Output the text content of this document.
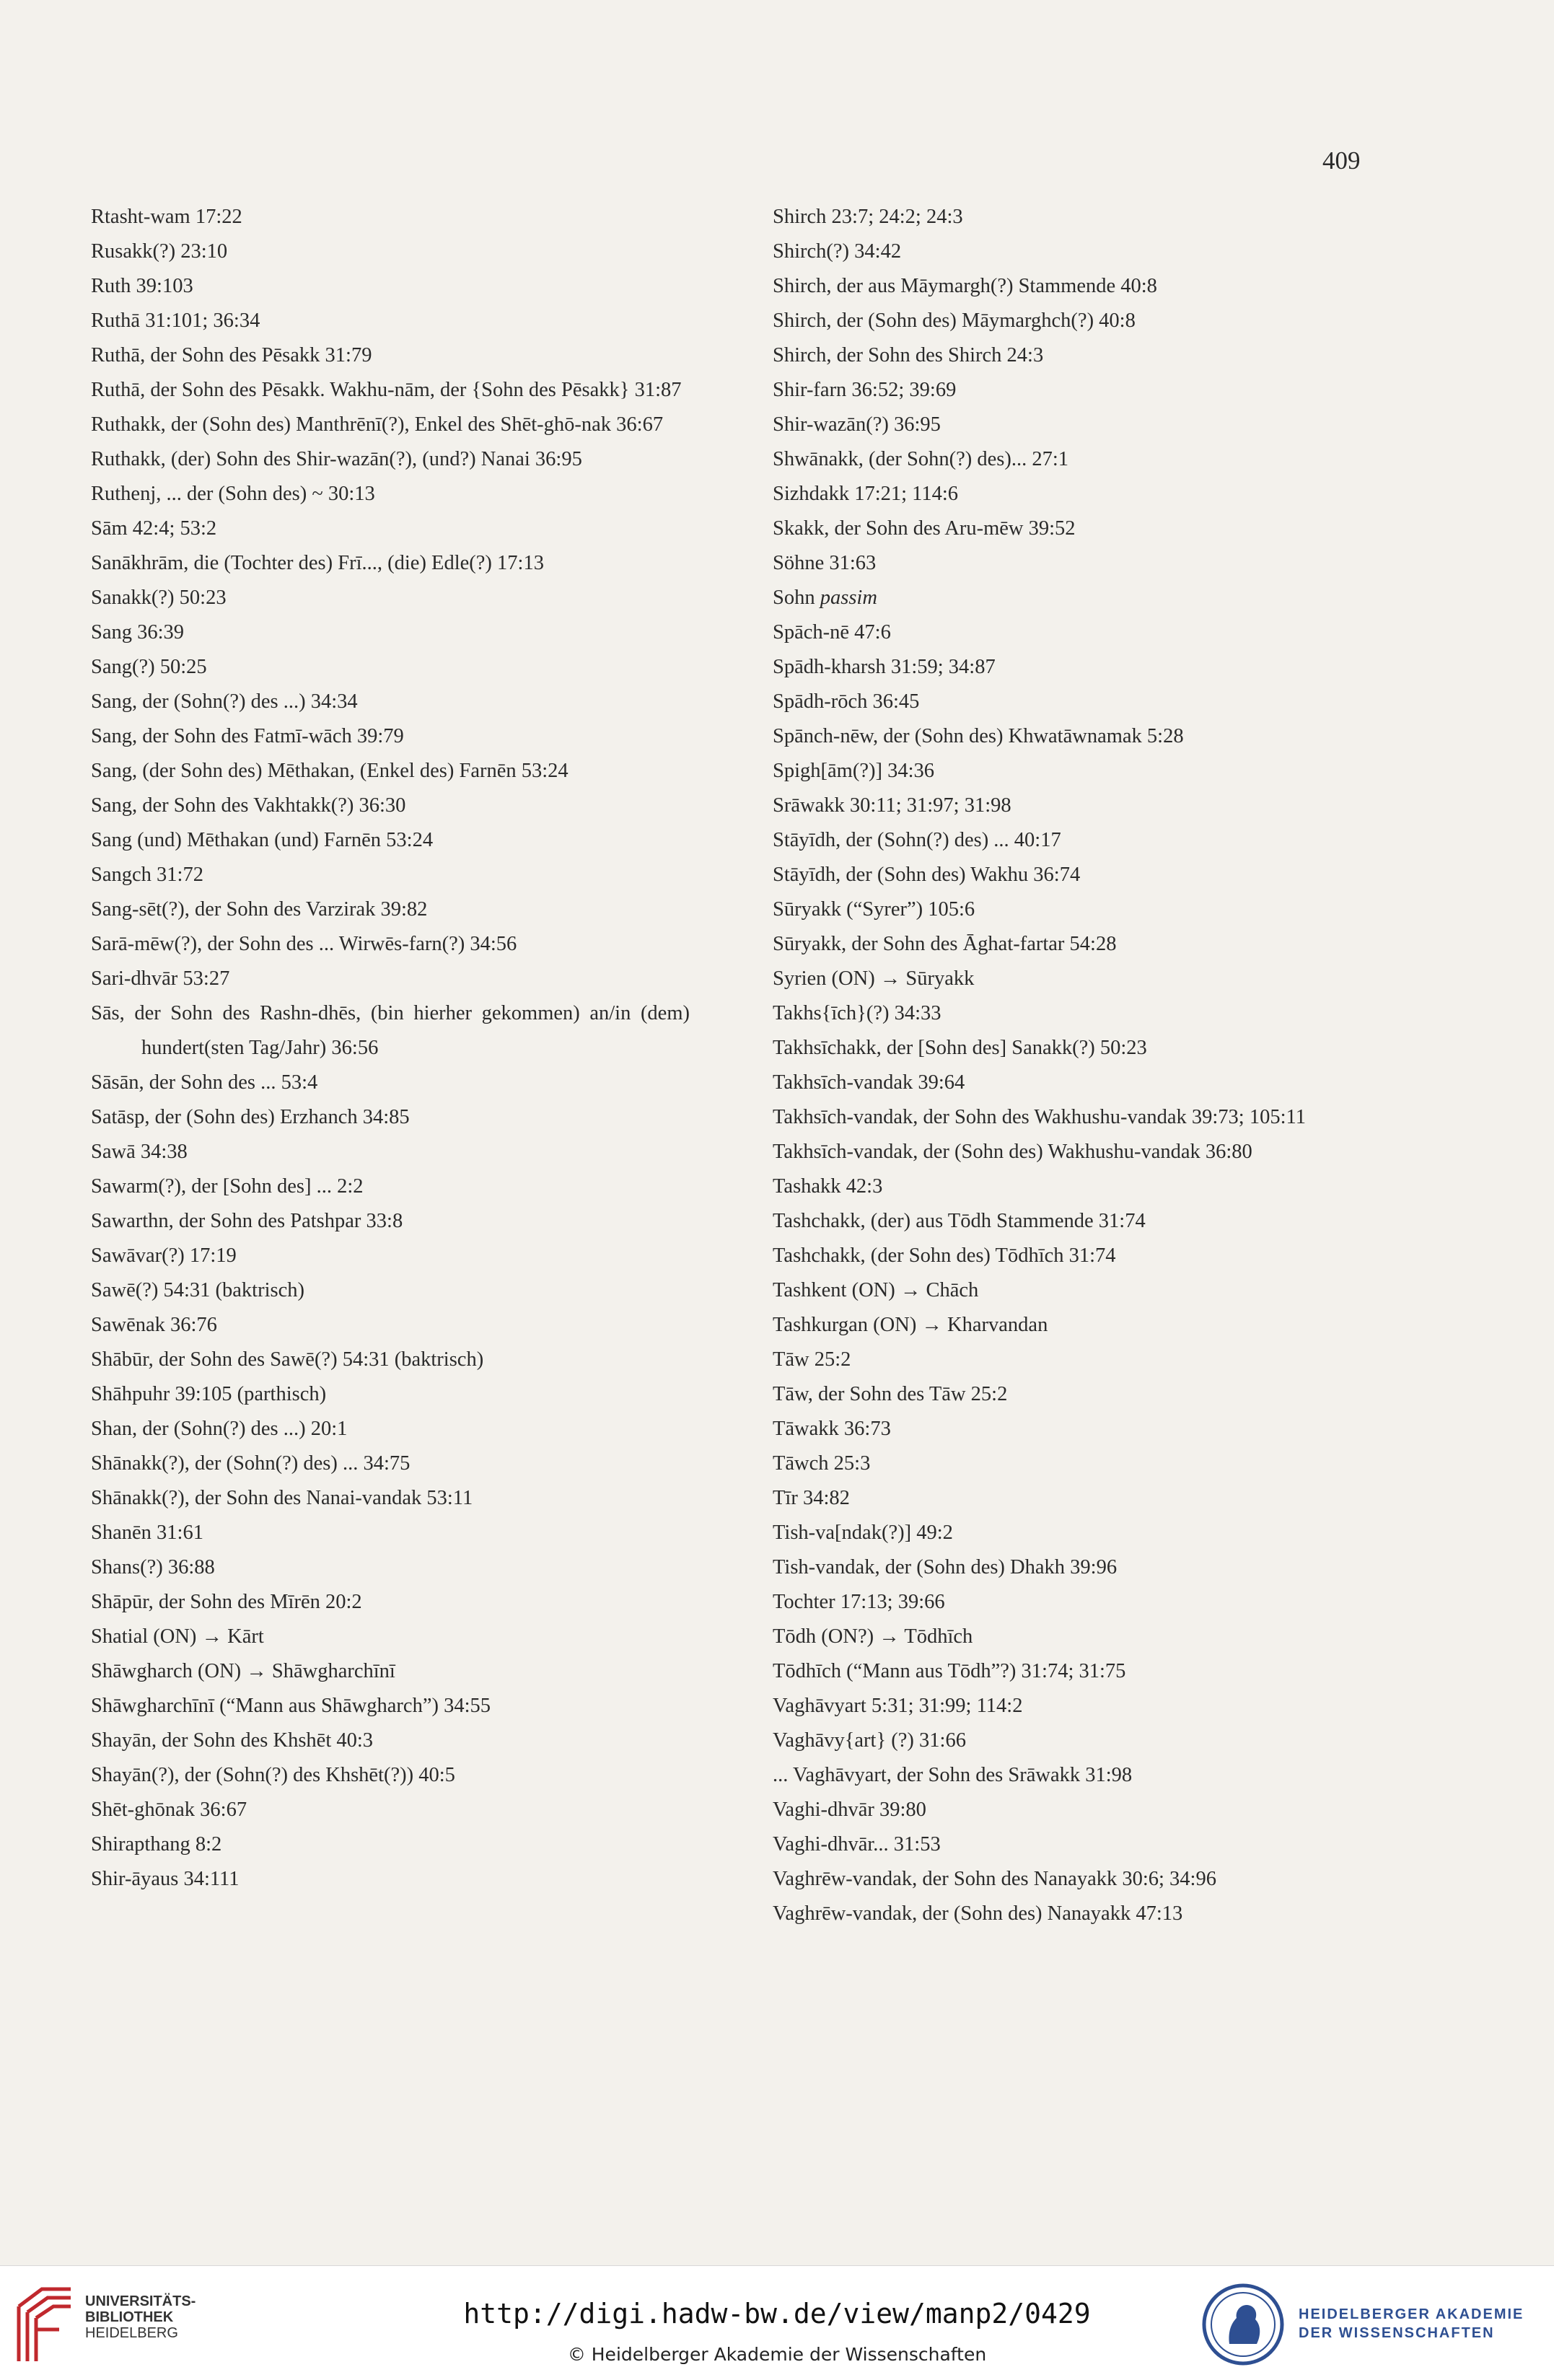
409
Rtasht-wam 17:22
Rusakk(?) 23:10
Ruth 39:103
Ruthā 31:101; 36:34
Ruthā, der Sohn des Pēsakk 31:79
Ruthā, der Sohn des Pēsakk. Wakhu-nām, der {Sohn des Pēsakk} 31:87
Ruthakk, der (Sohn des) Manthrēnī(?), Enkel des Shēt-ghō-nak 36:67
Ruthakk, (der) Sohn des Shir-wazān(?), (und?) Nanai 36:95
Ruthenj, ... der (Sohn des) ~ 30:13
Sām 42:4; 53:2
Sanākhrām, die (Tochter des) Frī..., (die) Edle(?) 17:13
Sanakk(?) 50:23
Sang 36:39
Sang(?) 50:25
Sang, der (Sohn(?) des ...) 34:34
Sang, der Sohn des Fatmī-wāch 39:79
Sang, (der Sohn des) Mēthakan, (Enkel des) Farnēn 53:24
Sang, der Sohn des Vakhtakk(?) 36:30
Sang (und) Mēthakan (und) Farnēn 53:24
Sangch 31:72
Sang-sēt(?), der Sohn des Varzirak 39:82
Sarā-mēw(?), der Sohn des ... Wirwēs-farn(?) 34:56
Sari-dhvār 53:27
Sās, der Sohn des Rashn-dhēs, (bin hierher gekommen) an/in (dem) hundert(sten Tag/Jahr) 36:56
Sāsān, der Sohn des ... 53:4
Satāsp, der (Sohn des) Erzhanch 34:85
Sawā 34:38
Sawarm(?), der [Sohn des] ... 2:2
Sawarthn, der Sohn des Patshpar 33:8
Sawāvar(?) 17:19
Sawē(?) 54:31 (baktrisch)
Sawēnak 36:76
Shābūr, der Sohn des Sawē(?) 54:31 (baktrisch)
Shāhpuhr 39:105 (parthisch)
Shan, der (Sohn(?) des ...) 20:1
Shānakk(?), der (Sohn(?) des) ... 34:75
Shānakk(?), der Sohn des Nanai-vandak 53:11
Shanēn 31:61
Shans(?) 36:88
Shāpūr, der Sohn des Mīrēn 20:2
Shatial (ON) → Kārt
Shāwgharch (ON) → Shāwgharchīnī
Shāwgharchīnī (“Mann aus Shāwgharch”) 34:55
Shayān, der Sohn des Khshēt 40:3
Shayān(?), der (Sohn(?) des Khshēt(?)) 40:5
Shēt-ghōnak 36:67
Shirapthang 8:2
Shir-āyaus 34:111
Shirch 23:7; 24:2; 24:3
Shirch(?) 34:42
Shirch, der aus Māymargh(?) Stammende 40:8
Shirch, der (Sohn des) Māymarghch(?) 40:8
Shirch, der Sohn des Shirch 24:3
Shir-farn 36:52; 39:69
Shir-wazān(?) 36:95
Shwānakk, (der Sohn(?) des)... 27:1
Sizhdakk 17:21; 114:6
Skakk, der Sohn des Aru-mēw 39:52
Söhne 31:63
Sohn passim
Spāch-nē 47:6
Spādh-kharsh 31:59; 34:87
Spādh-rōch 36:45
Spānch-nēw, der (Sohn des) Khwatāwnamak 5:28
Spigh[ām(?)] 34:36
Srāwakk 30:11; 31:97; 31:98
Stāyīdh, der (Sohn(?) des) ... 40:17
Stāyīdh, der (Sohn des) Wakhu 36:74
Sūryakk (“Syrer”) 105:6
Sūryakk, der Sohn des Āghat-fartar 54:28
Syrien (ON) → Sūryakk
Takhs{īch}(?) 34:33
Takhsīchakk, der [Sohn des] Sanakk(?) 50:23
Takhsīch-vandak 39:64
Takhsīch-vandak, der Sohn des Wakhushu-vandak 39:73; 105:11
Takhsīch-vandak, der (Sohn des) Wakhushu-vandak 36:80
Tashakk 42:3
Tashchakk, (der) aus Tōdh Stammende 31:74
Tashchakk, (der Sohn des) Tōdhīch 31:74
Tashkent (ON) → Chāch
Tashkurgan (ON) → Kharvandan
Tāw 25:2
Tāw, der Sohn des Tāw 25:2
Tāwakk 36:73
Tāwch 25:3
Tīr 34:82
Tish-va[ndak(?)] 49:2
Tish-vandak, der (Sohn des) Dhakh 39:96
Tochter 17:13; 39:66
Tōdh (ON?) → Tōdhīch
Tōdhīch (“Mann aus Tōdh”?) 31:74; 31:75
Vaghāvyart 5:31; 31:99; 114:2
Vaghāvy{art} (?) 31:66
... Vaghāvyart, der Sohn des Srāwakk 31:98
Vaghi-dhvār 39:80
Vaghi-dhvār... 31:53
Vaghrēw-vandak, der Sohn des Nanayakk 30:6; 34:96
Vaghrēw-vandak, der (Sohn des) Nanayakk 47:13
UNIVERSITÄTS-
BIBLIOTHEK
HEIDELBERG
http://digi.hadw-bw.de/view/manp2/0429
© Heidelberger Akademie der Wissenschaften
HEIDELBERGER AKADEMIE
DER WISSENSCHAFTEN
